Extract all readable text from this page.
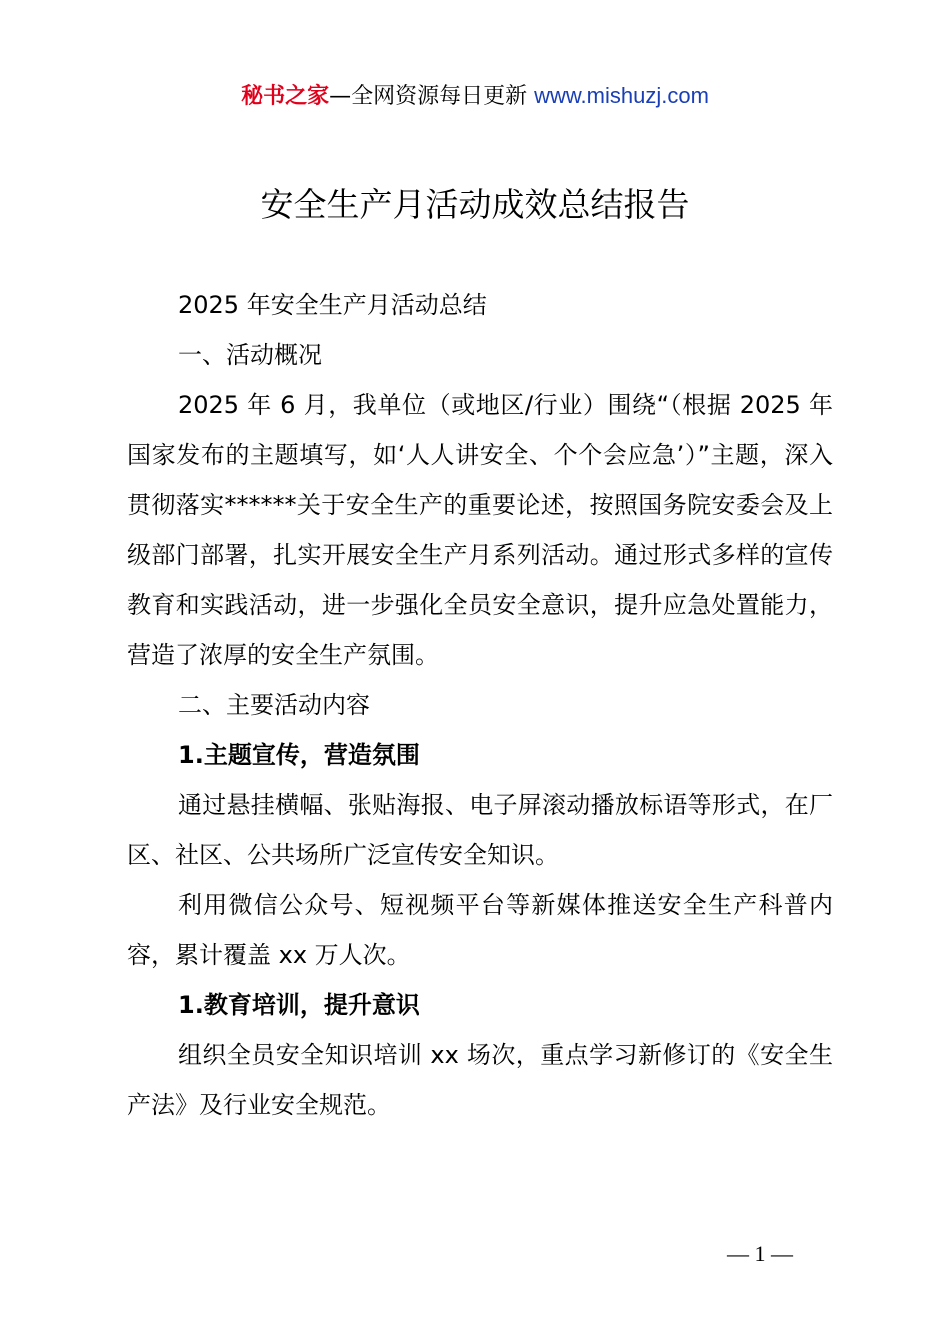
秘书之家—全网资源每日更新 www.mishuzj.com
安全生产月活动成效总结报告

2025 年安全生产月活动总结

一、活动概况

2025 年 6 月，我单位（或地区/行业）围绕“（根据 2025 年国家发布的主题填写，如‘人人讲安全、个个会应急’）”主题，深入贯彻落实******关于安全生产的重要论述，按照国务院安委会及上级部门部署，扎实开展安全生产月系列活动。通过形式多样的宣传教育和实践活动，进一步强化全员安全意识，提升应急处置能力，营造了浓厚的安全生产氛围。

二、主要活动内容

1.主题宣传，营造氛围

通过悬挂横幅、张贴海报、电子屏滚动播放标语等形式，在厂区、社区、公共场所广泛宣传安全知识。

利用微信公众号、短视频平台等新媒体推送安全生产科普内容，累计覆盖 xx 万人次。

1.教育培训，提升意识

组织全员安全知识培训 xx 场次，重点学习新修订的《安全生产法》及行业安全规范。

— 1 —
